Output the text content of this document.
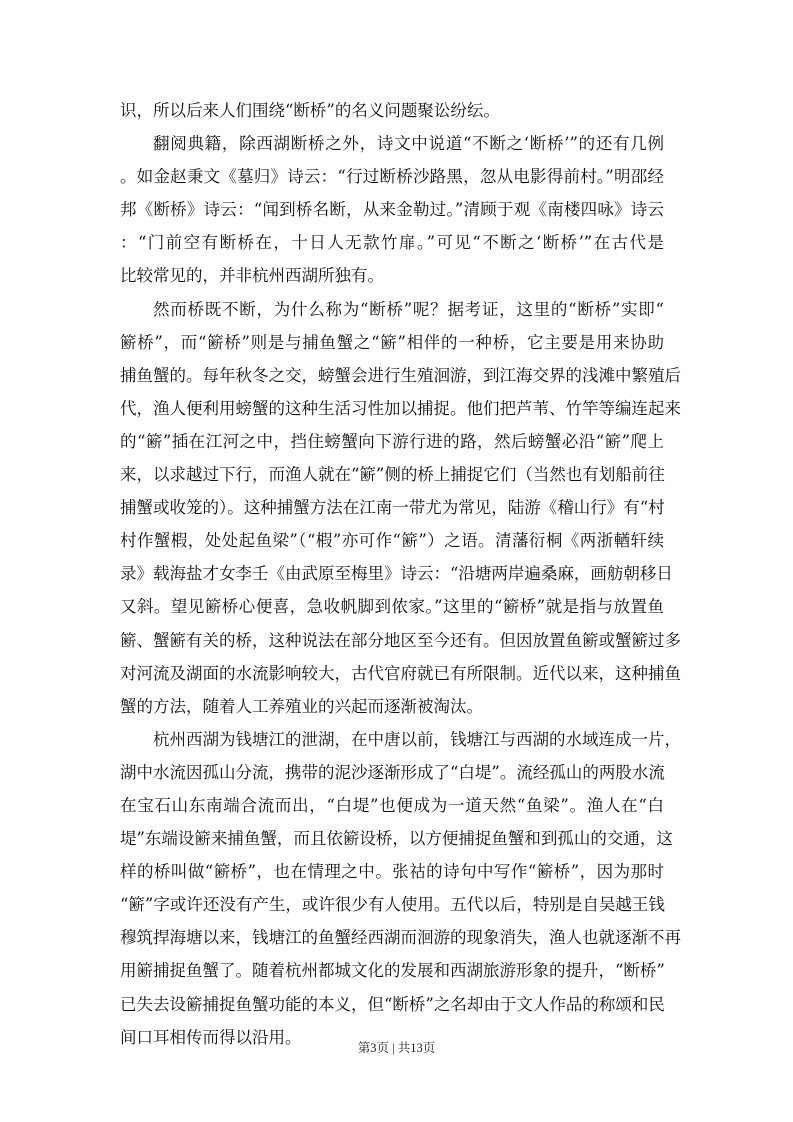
识，所以后来人们围绕“断桥”的名义问题聚讼纷纭。
翻阅典籍，除西湖断桥之外，诗文中说道“不断之‘断桥’”的还有几例
。如金赵秉文《墓归》诗云：“行过断桥沙路黑，忽从电影得前村。”明邵经
邦《断桥》诗云：“闻到桥名断，从来金勒过。”清顾于观《南楼四咏》诗云
：“门前空有断桥在，十日人无款竹扉。”可见“不断之‘断桥’”在古代是
比较常见的，并非杭州西湖所独有。
然而桥既不断，为什么称为“断桥”呢？据考证，这里的“断桥”实即“
簖桥”，而“簖桥”则是与捕鱼蟹之“簖”相伴的一种桥，它主要是用来协助
捕鱼蟹的。每年秋冬之交，螃蟹会进行生殖洄游，到江海交界的浅滩中繁殖后
代，渔人便利用螃蟹的这种生活习性加以捕捉。他们把芦苇、竹竿等编连起来
的“簖”插在江河之中，挡住螃蟹向下游行进的路，然后螃蟹必沿“簖”爬上
来，以求越过下行，而渔人就在“簖”侧的桥上捕捉它们（当然也有划船前往
捕蟹或收笼的）。这种捕蟹方法在江南一带尤为常见，陆游《稽山行》有“村
村作蟹椵，处处起鱼梁”（“椵”亦可作“簖”）之语。清藩衍桐《两浙輶轩续
录》载海盐才女李壬《由武原至梅里》诗云：“沿塘两岸遍桑麻，画舫朝移日
又斜。望见簖桥心便喜，急收帆脚到侬家。”这里的“簖桥”就是指与放置鱼
簖、蟹簖有关的桥，这种说法在部分地区至今还有。但因放置鱼簖或蟹簖过多
对河流及湖面的水流影响较大，古代官府就已有所限制。近代以来，这种捕鱼
蟹的方法，随着人工养殖业的兴起而逐渐被淘汰。
杭州西湖为钱塘江的泄湖，在中唐以前，钱塘江与西湖的水域连成一片，
湖中水流因孤山分流，携带的泥沙逐渐形成了“白堤”。流经孤山的两股水流
在宝石山东南端合流而出，“白堤”也便成为一道天然“鱼梁”。渔人在“白
堤”东端设簖来捕鱼蟹，而且依簖设桥，以方便捕捉鱼蟹和到孤山的交通，这
样的桥叫做“簖桥”，也在情理之中。张祜的诗句中写作“簖桥”，因为那时
“簖”字或许还没有产生，或许很少有人使用。五代以后，特别是自吴越王钱
穆筑捍海塘以来，钱塘江的鱼蟹经西湖而洄游的现象消失，渔人也就逐渐不再
用簖捕捉鱼蟹了。随着杭州都城文化的发展和西湖旅游形象的提升，“断桥”
已失去设簖捕捉鱼蟹功能的本义，但“断桥”之名却由于文人作品的称颂和民
间口耳相传而得以沿用。
第3页 | 共13页
